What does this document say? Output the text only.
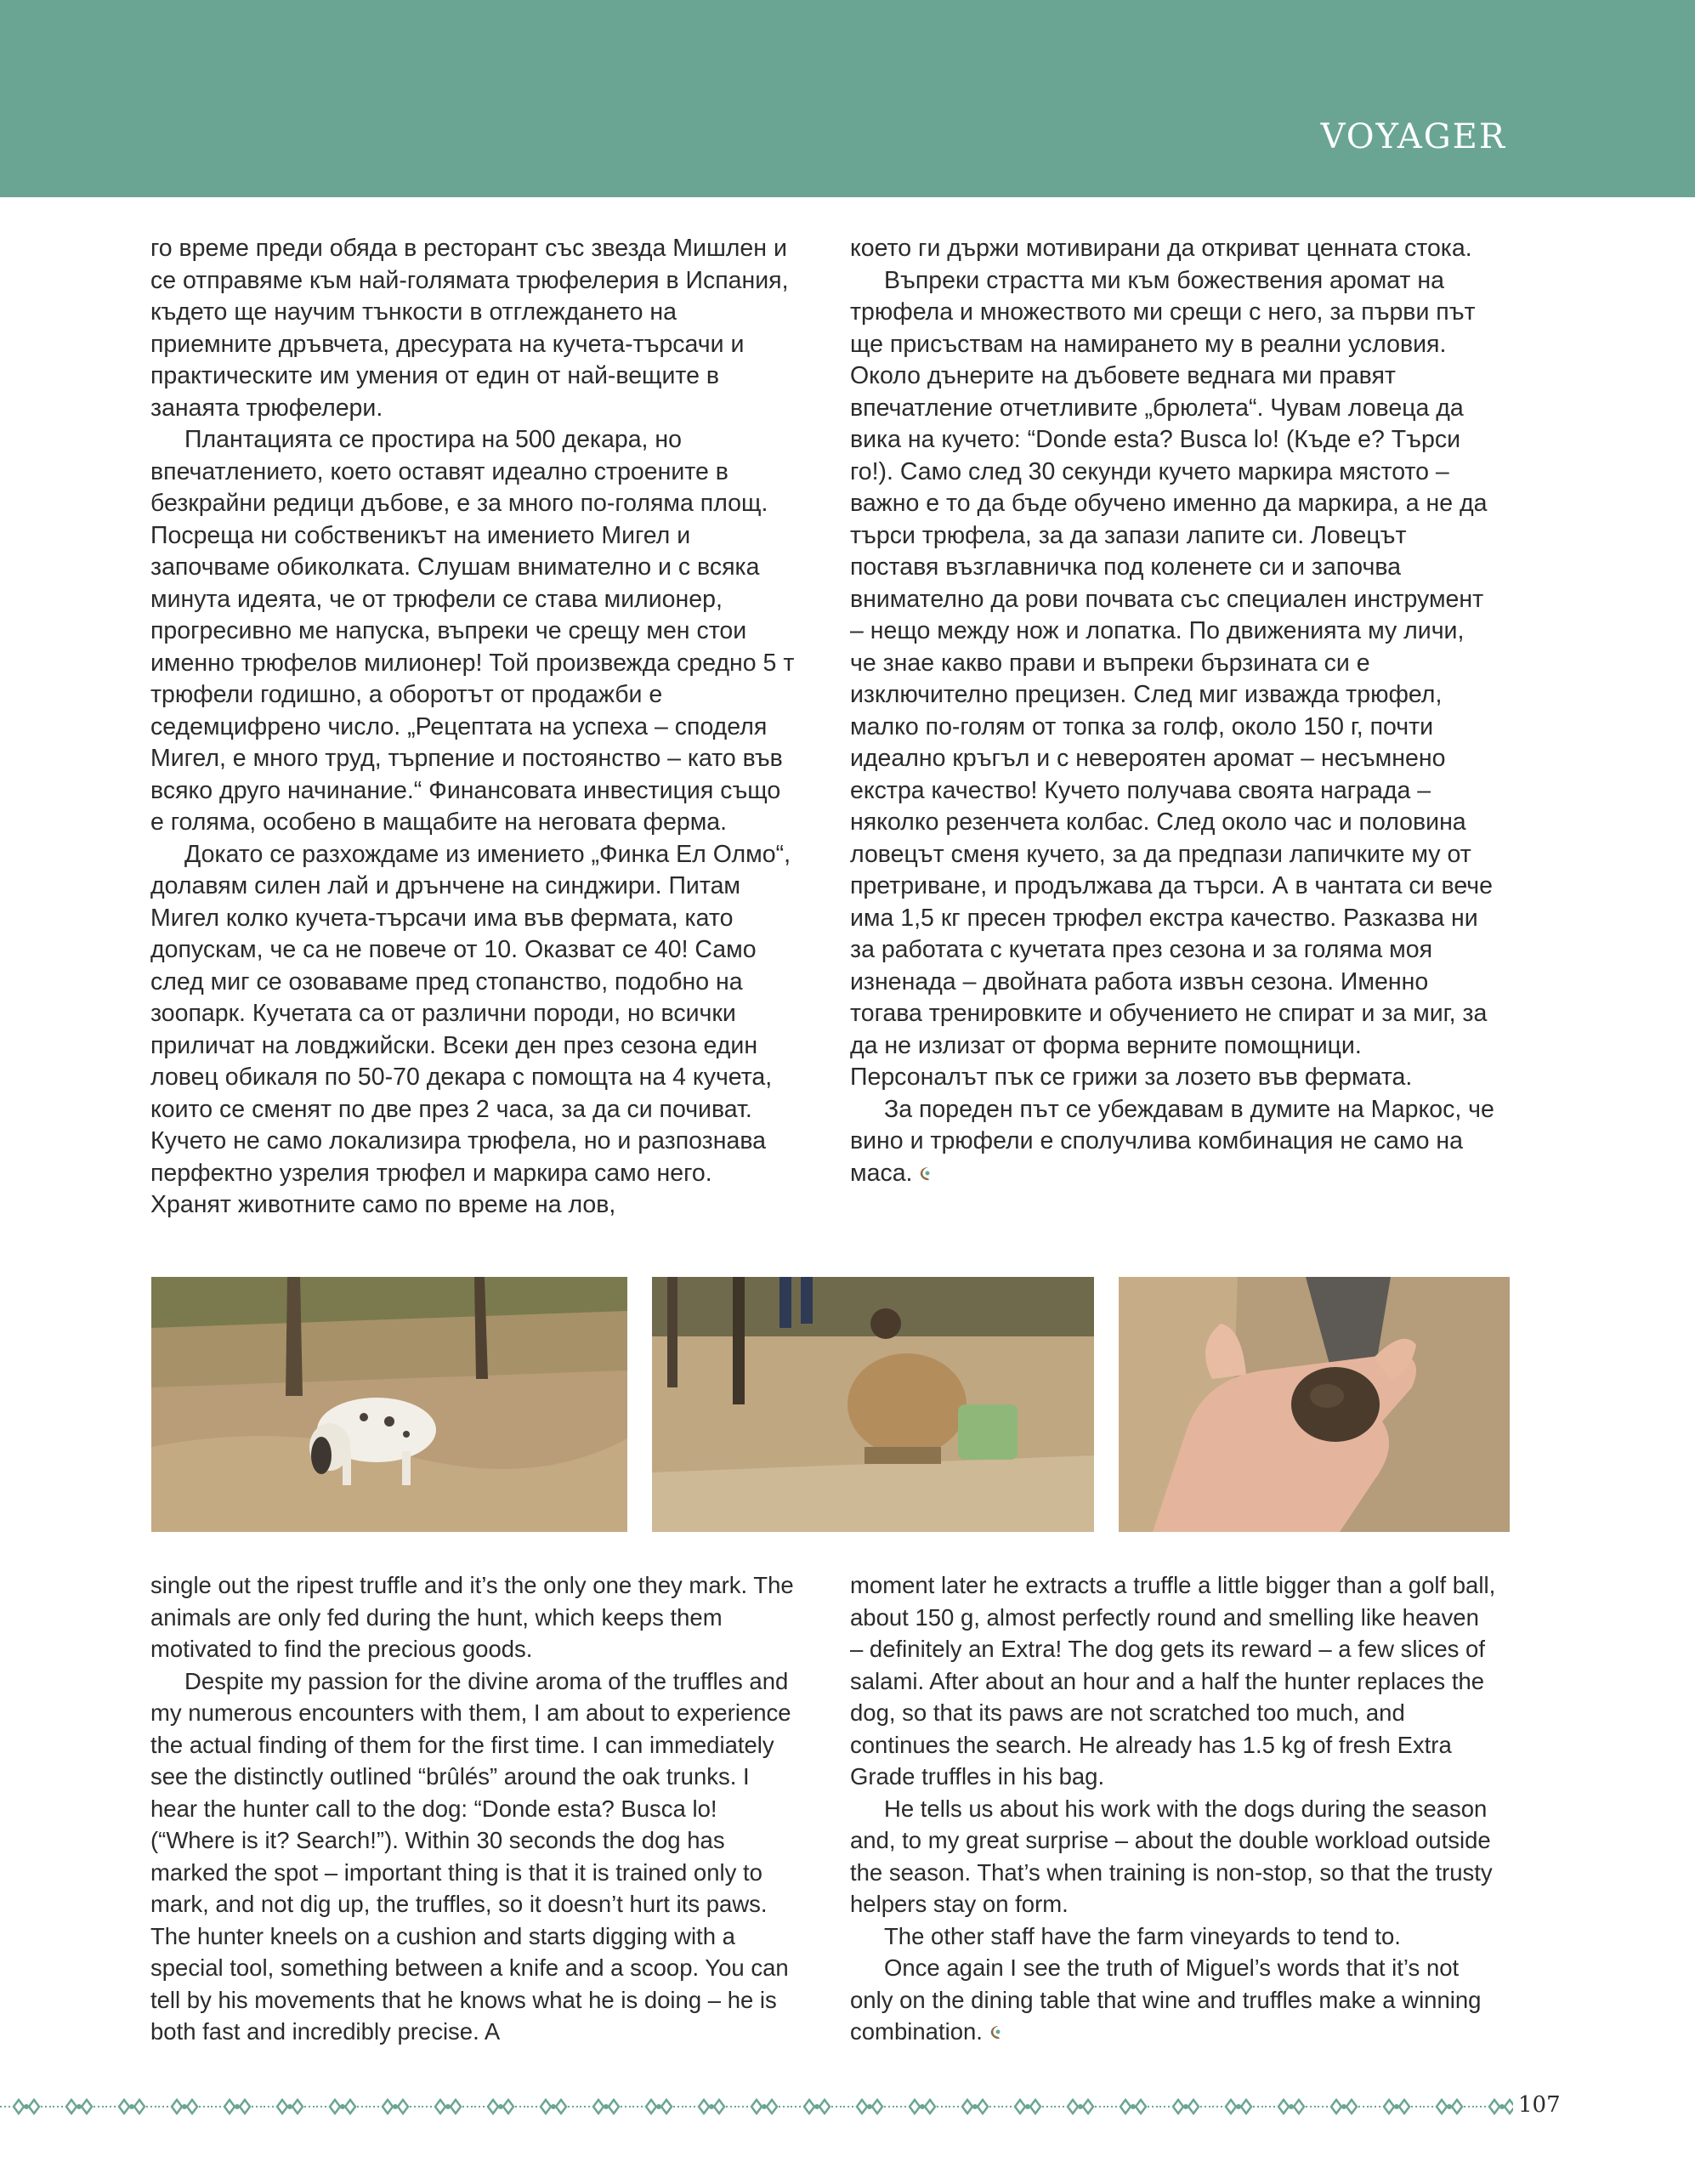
VOYAGER

го време преди обяда в ресторант със звезда Мишлен и се отправяме към най-голямата трюфелерия в Испания, където ще научим тънкости в отглеждането на приемните дръвчета, дресурата на кучета-търсачи и практическите им умения от един от най-вещите в занаята трюфелери.

Плантацията се простира на 500 декара, но впечатлението, което оставят идеално строените в безкрайни редици дъбове, е за много по-голяма площ. Посреща ни собственикът на имението Мигел и започваме обиколката. Слушам внимателно и с всяка минута идеята, че от трюфели се става милионер, прогресивно ме напуска, въпреки че срещу мен стои именно трюфелов милионер! Той произвежда средно 5 т трюфели годишно, а оборотът от продажби е седемцифрено число. „Рецептата на успеха – споделя Мигел, е много труд, търпение и постоянство – като във всяко друго начинание.“ Финансовата инвестиция също е голяма, особено в мащабите на неговата ферма.

Докато се разхождаме из имението „Финка Ел Олмо“, долавям силен лай и дрънчене на синджири. Питам Мигел колко кучета-търсачи има във фермата, като допускам, че са не повече от 10. Оказват се 40! Само след миг се озоваваме пред стопанство, подобно на зоопарк. Кучетата са от различни породи, но всички приличат на ловджийски. Всеки ден през сезона един ловец обикаля по 50-70 декара с помощта на 4 кучета, които се сменят по две през 2 часа, за да си почиват. Кучето не само локализира трюфела, но и разпознава перфектно узрелия трюфел и маркира само него. Хранят животните само по време на лов,

което ги държи мотивирани да откриват ценната стока.

Въпреки страстта ми към божествения аромат на трюфела и множеството ми срещи с него, за първи път ще присъствам на намирането му в реални условия. Около дънерите на дъбовете веднага ми правят впечатление отчетливите „брюлета“. Чувам ловеца да вика на кучето: “Donde esta? Busca lo! (Къде е? Търси го!). Само след 30 секунди кучето маркира мястото – важно е то да бъде обучено именно да маркира, а не да търси трюфела, за да запази лапите си. Ловецът поставя възглавничка под коленете си и започва внимателно да рови почвата със специален инструмент – нещо между нож и лопатка. По движенията му личи, че знае какво прави и въпреки бързината си е изключително прецизен. След миг изважда трюфел, малко по-голям от топка за голф, около 150 г, почти идеално кръгъл и с невероятен аромат – несъмнено екстра качество! Кучето получава своята награда – няколко резенчета колбас. След около час и половина ловецът сменя кучето, за да предпази лапичките му от претриване, и продължава да търси. А в чантата си вече има 1,5 кг пресен трюфел екстра качество. Разказва ни за работата с кучетата през сезона и за голяма моя изненада – двойната работа извън сезона. Именно тогава тренировките и обучението не спират и за миг, за да не излизат от форма верните помощници. Персоналът пък се грижи за лозето във фермата.

За пореден път се убеждавам в думите на Маркос, че вино и трюфели е сполучлива комбинация не само на маса.

single out the ripest truffle and it’s the only one they mark. The animals are only fed during the hunt, which keeps them motivated to find the precious goods.

Despite my passion for the divine aroma of the truffles and my numerous encounters with them, I am about to experience the actual finding of them for the first time. I can immediately see the distinctly outlined “brûlés” around the oak trunks. I hear the hunter call to the dog: “Donde esta? Busca lo! (“Where is it? Search!”). Within 30 seconds the dog has marked the spot – important thing is that it is trained only to mark, and not dig up, the truffles, so it doesn’t hurt its paws. The hunter kneels on a cushion and starts digging with a special tool, something between a knife and a scoop. You can tell by his movements that he knows what he is doing – he is both fast and incredibly precise. A

moment later he extracts a truffle a little bigger than a golf ball, about 150 g, almost perfectly round and smelling like heaven – definitely an Extra! The dog gets its reward – a few slices of salami. After about an hour and a half the hunter replaces the dog, so that its paws are not scratched too much, and continues the search. He already has 1.5 kg of fresh Extra Grade truffles in his bag.

He tells us about his work with the dogs during the season and, to my great surprise – about the double workload outside the season. That’s when training is non-stop, so that the trusty helpers stay on form.

The other staff have the farm vineyards to tend to.

Once again I see the truth of Miguel’s words that it’s not only on the dining table that wine and truffles make a winning combination.

107
